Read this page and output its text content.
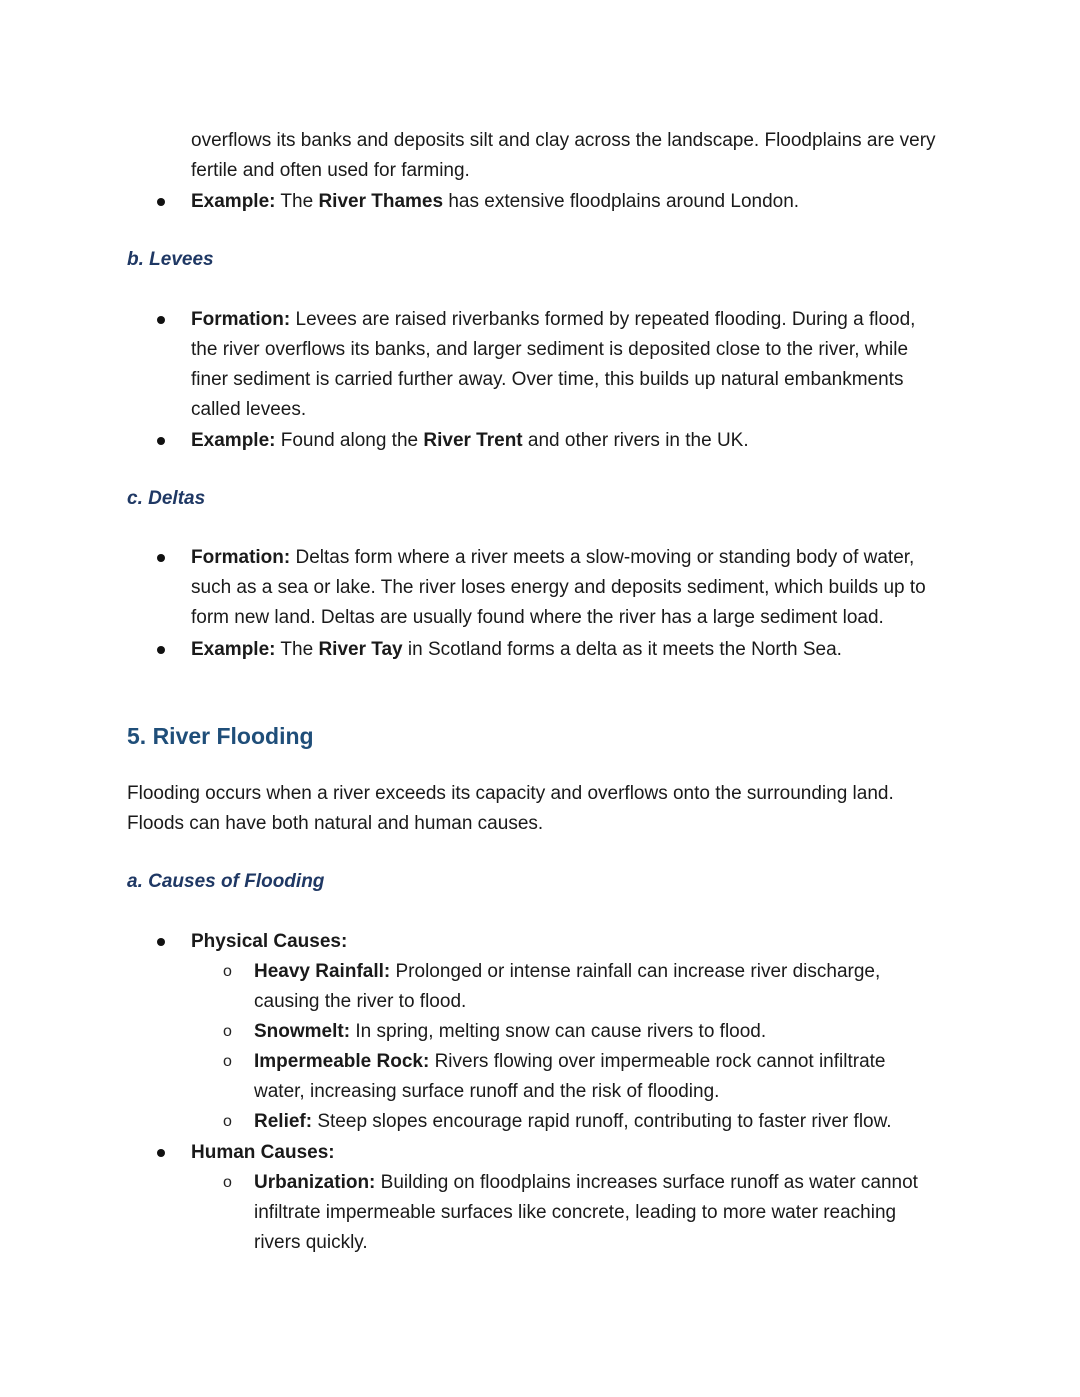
overflows its banks and deposits silt and clay across the landscape. Floodplains are very
fertile and often used for farming.
Example: The River Thames has extensive floodplains around London.
b. Levees
Formation: Levees are raised riverbanks formed by repeated flooding. During a flood,
the river overflows its banks, and larger sediment is deposited close to the river, while
finer sediment is carried further away. Over time, this builds up natural embankments
called levees.
Example: Found along the River Trent and other rivers in the UK.
c. Deltas
Formation: Deltas form where a river meets a slow-moving or standing body of water,
such as a sea or lake. The river loses energy and deposits sediment, which builds up to
form new land. Deltas are usually found where the river has a large sediment load.
Example: The River Tay in Scotland forms a delta as it meets the North Sea.
5. River Flooding
Flooding occurs when a river exceeds its capacity and overflows onto the surrounding land.
Floods can have both natural and human causes.
a. Causes of Flooding
Physical Causes:
o Heavy Rainfall: Prolonged or intense rainfall can increase river discharge,
causing the river to flood.
o Snowmelt: In spring, melting snow can cause rivers to flood.
o Impermeable Rock: Rivers flowing over impermeable rock cannot infiltrate
water, increasing surface runoff and the risk of flooding.
o Relief: Steep slopes encourage rapid runoff, contributing to faster river flow.
Human Causes:
o Urbanization: Building on floodplains increases surface runoff as water cannot
infiltrate impermeable surfaces like concrete, leading to more water reaching
rivers quickly.
